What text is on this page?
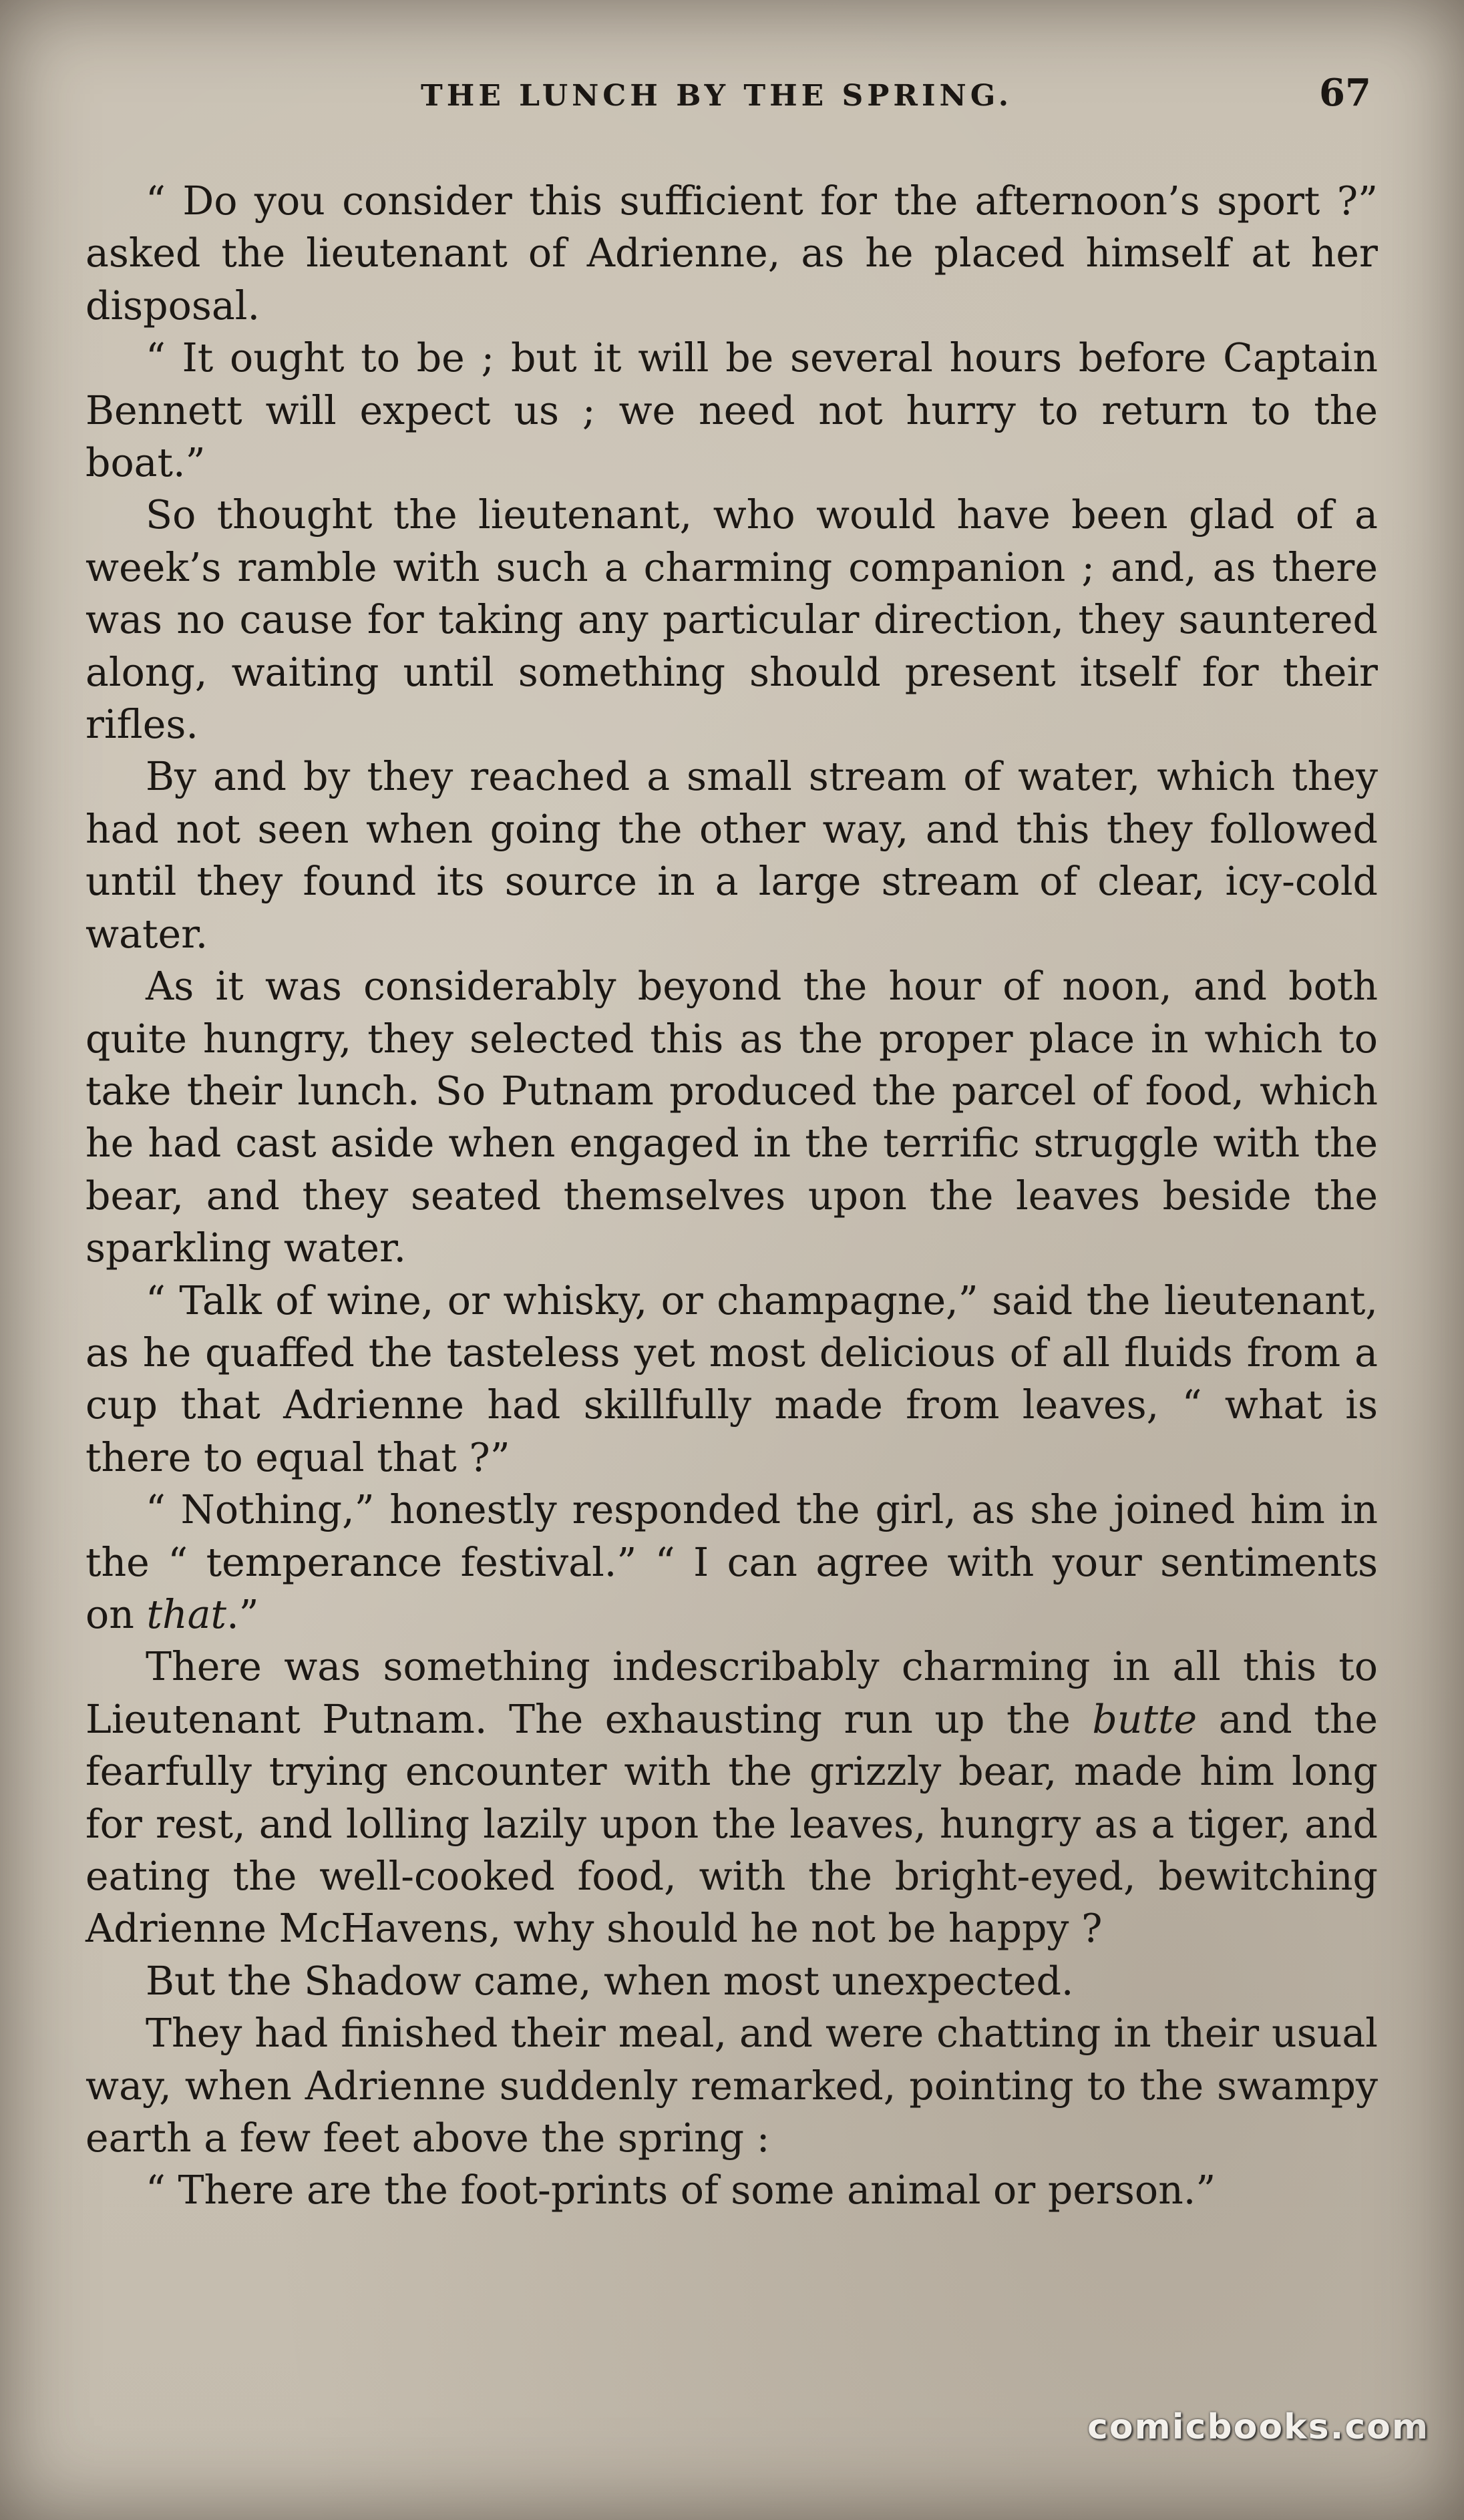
THE LUNCH BY THE SPRING.	67

“ Do you consider this sufficient for the afternoon’s sport ?” asked the lieutenant of Adrienne, as he placed himself at her disposal.

“ It ought to be ; but it will be several hours before Captain Bennett will expect us ; we need not hurry to return to the boat.”

So thought the lieutenant, who would have been glad of a week’s ramble with such a charming companion ; and, as there was no cause for taking any particular direction, they sauntered along, waiting until something should present itself for their rifles.

By and by they reached a small stream of water, which they had not seen when going the other way, and this they followed until they found its source in a large stream of clear, icy-cold water.

As it was considerably beyond the hour of noon, and both quite hungry, they selected this as the proper place in which to take their lunch. So Putnam produced the parcel of food, which he had cast aside when engaged in the terrific struggle with the bear, and they seated themselves upon the leaves beside the sparkling water.

“ Talk of wine, or whisky, or champagne,” said the lieutenant, as he quaffed the tasteless yet most delicious of all fluids from a cup that Adrienne had skillfully made from leaves, “ what is there to equal that ?”

“ Nothing,” honestly responded the girl, as she joined him in the “ temperance festival.” “ I can agree with your sentiments on that.”

There was something indescribably charming in all this to Lieutenant Putnam. The exhausting run up the butte and the fearfully trying encounter with the grizzly bear, made him long for rest, and lolling lazily upon the leaves, hungry as a tiger, and eating the well-cooked food, with the bright-eyed, bewitching Adrienne McHavens, why should he not be happy ?

But the Shadow came, when most unexpected.

They had finished their meal, and were chatting in their usual way, when Adrienne suddenly remarked, pointing to the swampy earth a few feet above the spring :

“ There are the foot-prints of some animal or person.”

comicbooks.com
